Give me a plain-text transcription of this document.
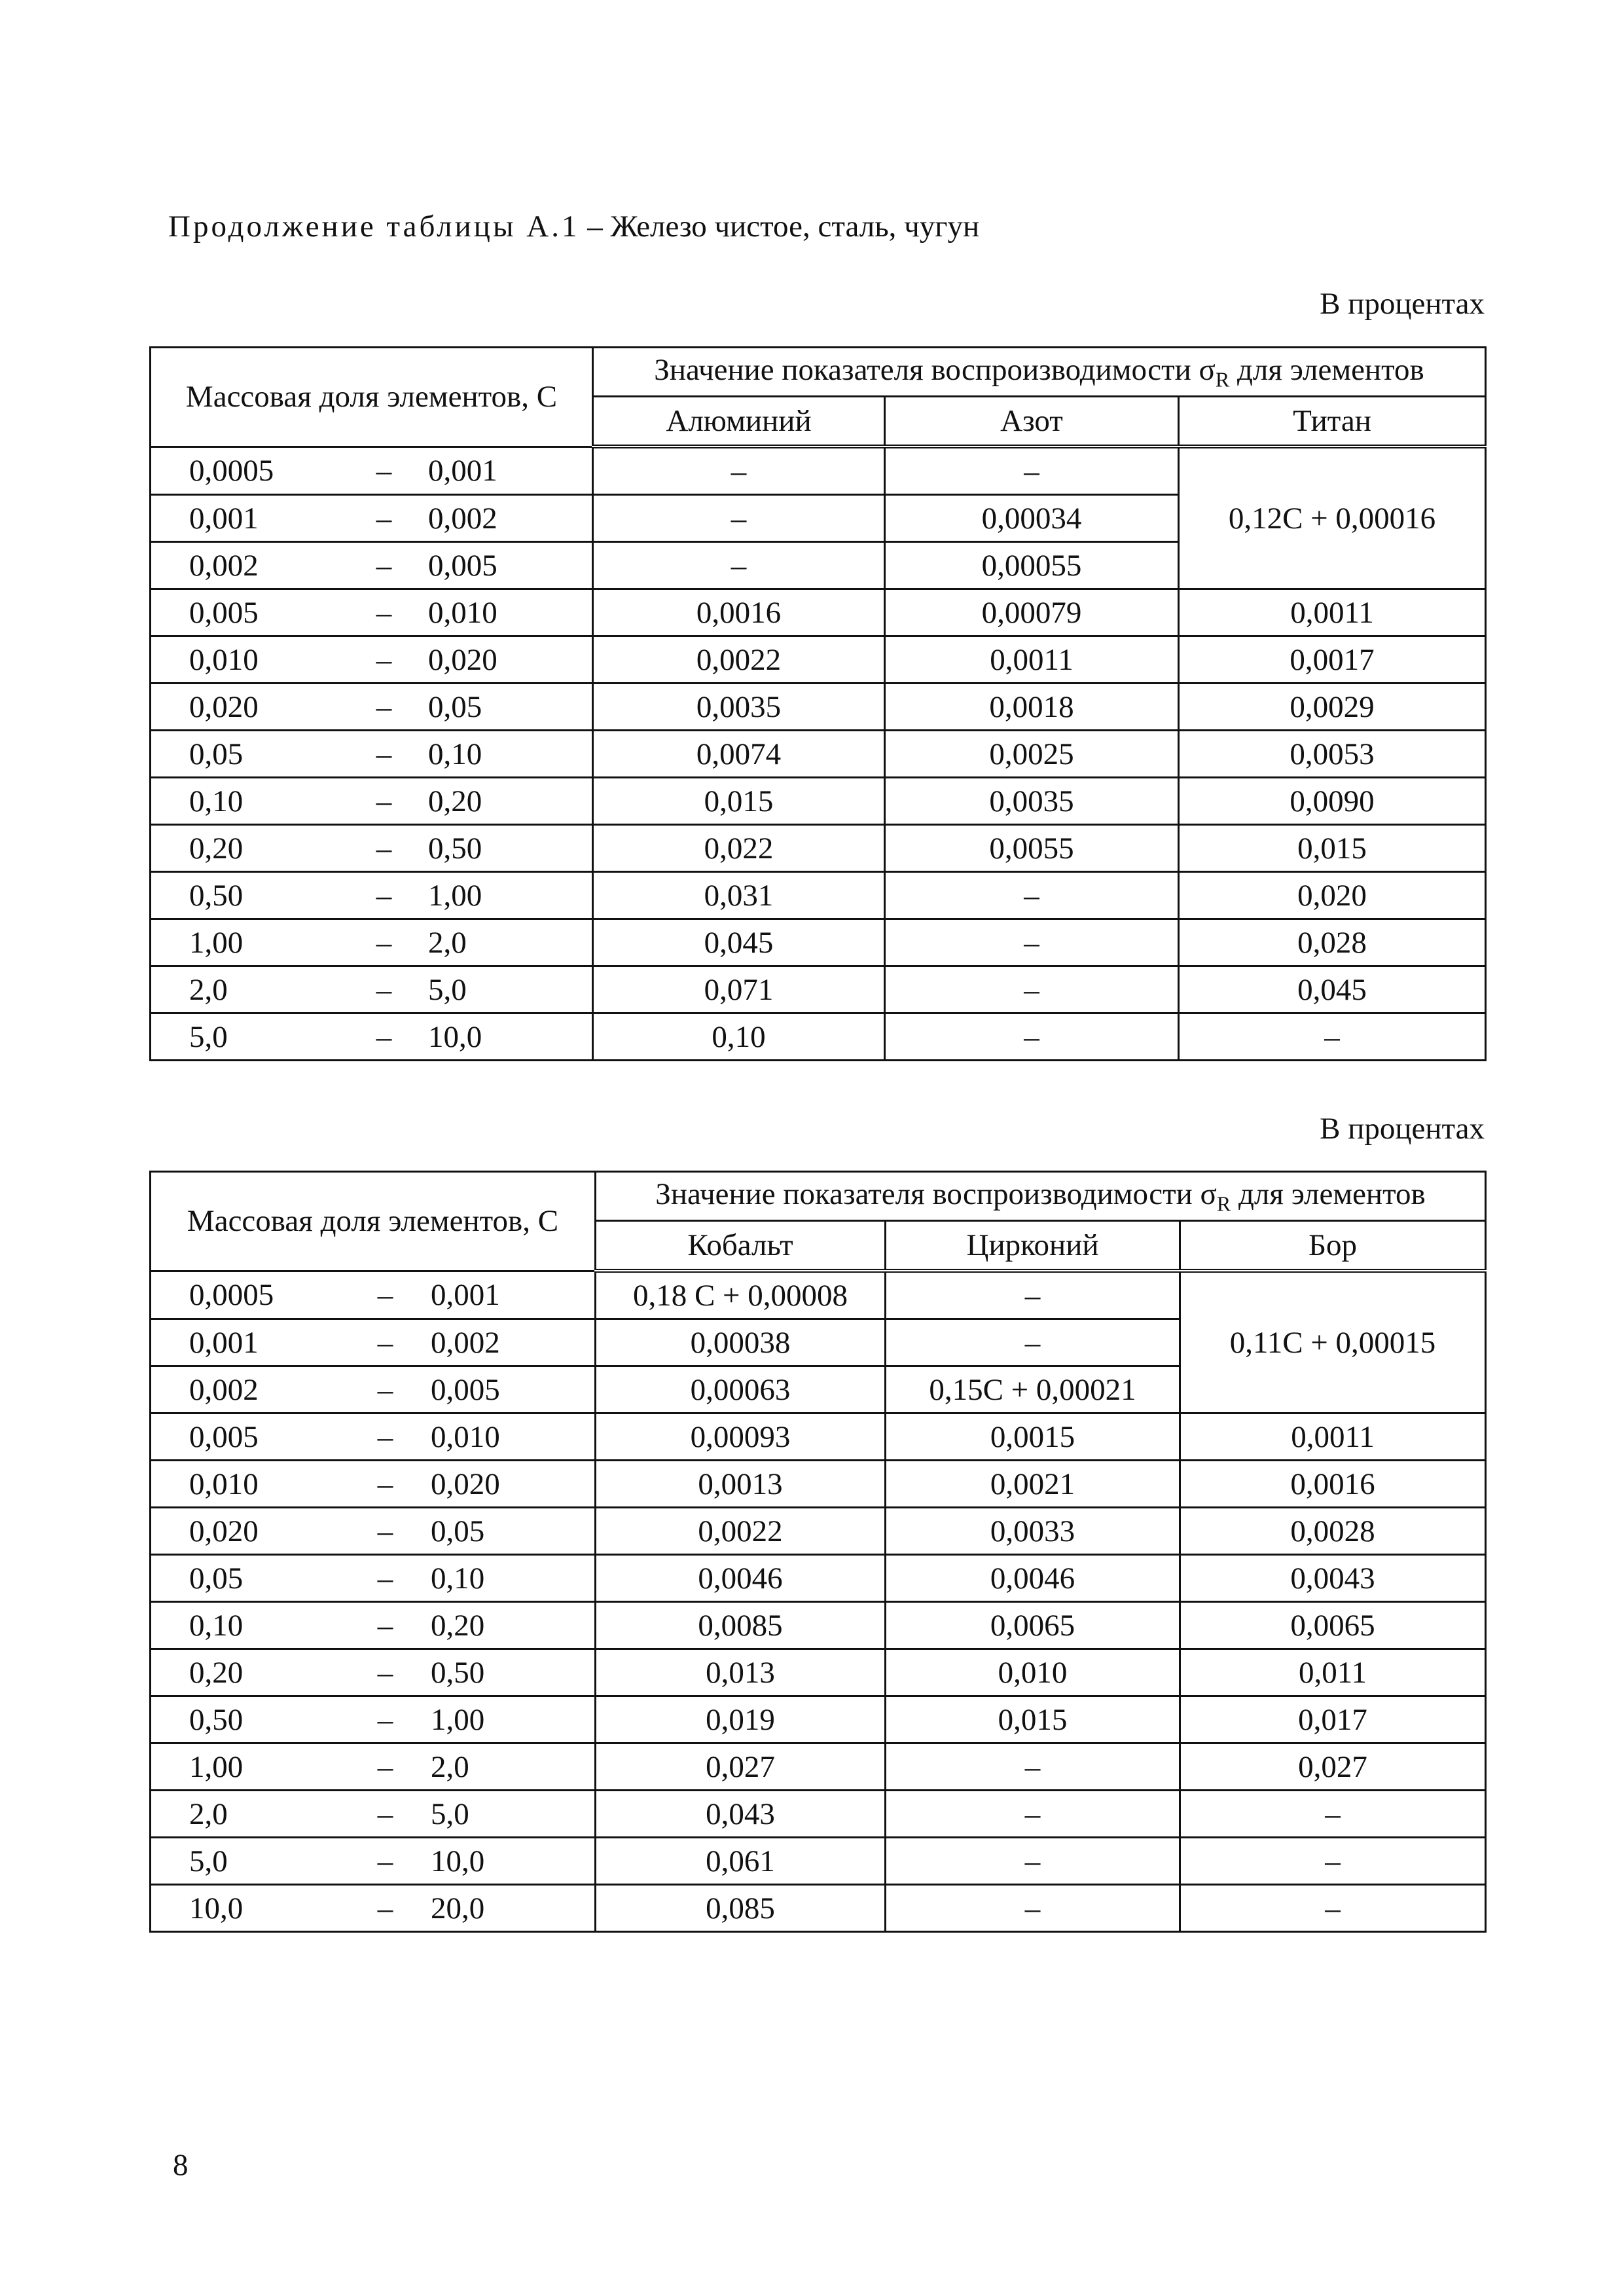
Продолжение таблицы А.1 – Железо чистое, сталь, чугун
В процентах
Массовая доля элементов, С	Значение показателя воспроизводимости $\sigma_R$ для элементов		
	Алюминий	Азот	Титан

0,0005 – 0,001	–	–	0,12С + 0,00016

0,001 – 0,002	–	0,00034	

0,002 – 0,005	–	0,00055	

0,005 – 0,010	0,0016	0,00079	0,0011

0,010 – 0,020	0,0022	0,0011	0,0017

0,020 – 0,05	0,0035	0,0018	0,0029

0,05 – 0,10	0,0074	0,0025	0,0053

0,10 – 0,20	0,015	0,0035	0,0090

0,20 – 0,50	0,022	0,0055	0,015

0,50 – 1,00	0,031	–	0,020

1,00 – 2,0	0,045	–	0,028

2,0 – 5,0	0,071	–	0,045

5,0 – 10,0	0,10	–	–
В процентах
Массовая доля элементов, С	Значение показателя воспроизводимости $\sigma_R$ для элементов		
	Кобальт	Цирконий	Бор

0,0005 – 0,001	0,18 С + 0,00008	–	0,11С + 0,00015

0,001 – 0,002	0,00038	–	

0,002 – 0,005	0,00063	0,15С + 0,00021	

0,005 – 0,010	0,00093	0,0015	0,0011

0,010 – 0,020	0,0013	0,0021	0,0016

0,020 – 0,05	0,0022	0,0033	0,0028

0,05 – 0,10	0,0046	0,0046	0,0043

0,10 – 0,20	0,0085	0,0065	0,0065

0,20 – 0,50	0,013	0,010	0,011

0,50 – 1,00	0,019	0,015	0,017

1,00 – 2,0	0,027	–	0,027

2,0 – 5,0	0,043	–	–

5,0 – 10,0	0,061	–	–

10,0 – 20,0	0,085	–	–
8
